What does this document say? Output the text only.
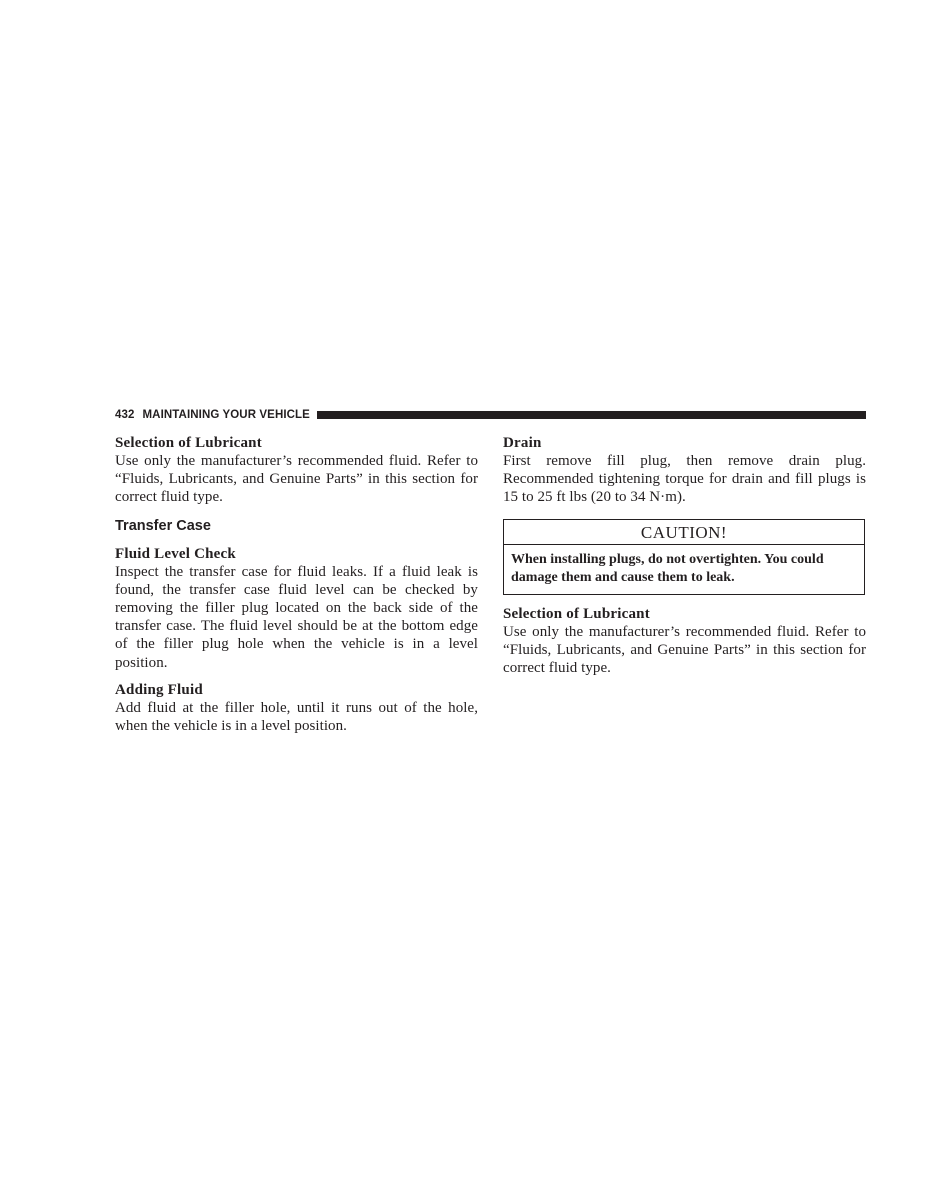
432 MAINTAINING YOUR VEHICLE

Selection of Lubricant

Use only the manufacturer’s recommended fluid. Refer to “Fluids, Lubricants, and Genuine Parts” in this section for correct fluid type.

Transfer Case

Fluid Level Check

Inspect the transfer case for fluid leaks. If a fluid leak is found, the transfer case fluid level can be checked by removing the filler plug located on the back side of the transfer case. The fluid level should be at the bottom edge of the filler plug hole when the vehicle is in a level position.

Adding Fluid

Add fluid at the filler hole, until it runs out of the hole, when the vehicle is in a level position.

Drain

First remove fill plug, then remove drain plug. Recommended tightening torque for drain and fill plugs is 15 to 25 ft lbs (20 to 34 N·m).

CAUTION!
When installing plugs, do not overtighten. You could damage them and cause them to leak.

Selection of Lubricant

Use only the manufacturer’s recommended fluid. Refer to “Fluids, Lubricants, and Genuine Parts” in this section for correct fluid type.
